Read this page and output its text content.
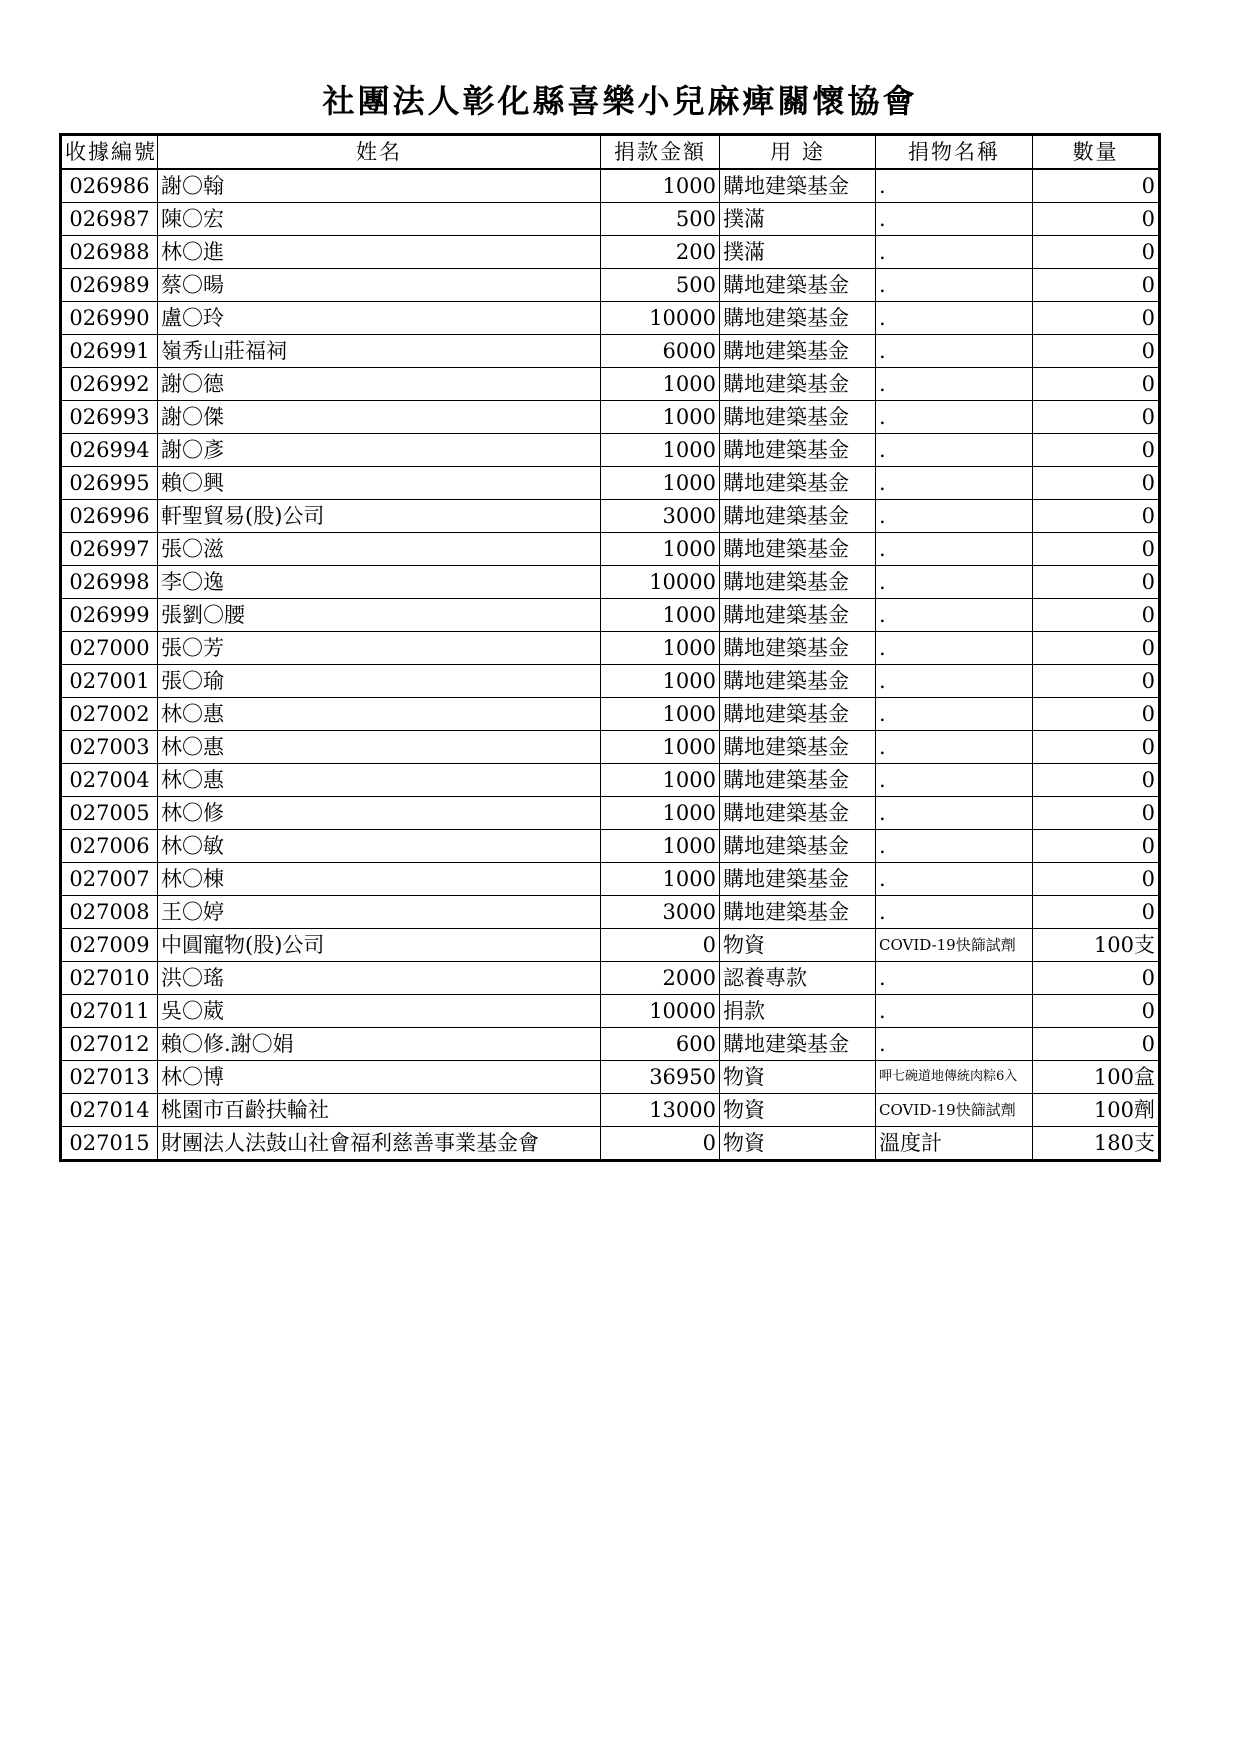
社團法人彰化縣喜樂小兒麻痺關懷協會
收據編號	姓名	捐款金額	用 途	捐物名稱	數量
026986	謝〇翰	1000	購地建築基金	.	0
026987	陳〇宏	500	撲滿	.	0
026988	林〇進	200	撲滿	.	0
026989	蔡〇暘	500	購地建築基金	.	0
026990	盧〇玲	10000	購地建築基金	.	0
026991	嶺秀山莊福祠	6000	購地建築基金	.	0
026992	謝〇德	1000	購地建築基金	.	0
026993	謝〇傑	1000	購地建築基金	.	0
026994	謝〇彥	1000	購地建築基金	.	0
026995	賴〇興	1000	購地建築基金	.	0
026996	軒聖貿易(股)公司	3000	購地建築基金	.	0
026997	張〇滋	1000	購地建築基金	.	0
026998	李〇逸	10000	購地建築基金	.	0
026999	張劉〇腰	1000	購地建築基金	.	0
027000	張〇芳	1000	購地建築基金	.	0
027001	張〇瑜	1000	購地建築基金	.	0
027002	林〇惠	1000	購地建築基金	.	0
027003	林〇惠	1000	購地建築基金	.	0
027004	林〇惠	1000	購地建築基金	.	0
027005	林〇修	1000	購地建築基金	.	0
027006	林〇敏	1000	購地建築基金	.	0
027007	林〇棟	1000	購地建築基金	.	0
027008	王〇婷	3000	購地建築基金	.	0
027009	中圓寵物(股)公司	0	物資	COVID-19快篩試劑	100支
027010	洪〇瑤	2000	認養專款	.	0
027011	吳〇葳	10000	捐款	.	0
027012	賴〇修.謝〇娟	600	購地建築基金	.	0
027013	林〇博	36950	物資	呷七碗道地傳統肉粽6入	100盒
027014	桃園市百齡扶輪社	13000	物資	COVID-19快篩試劑	100劑
027015	財團法人法鼓山社會福利慈善事業基金會	0	物資	溫度計	180支
